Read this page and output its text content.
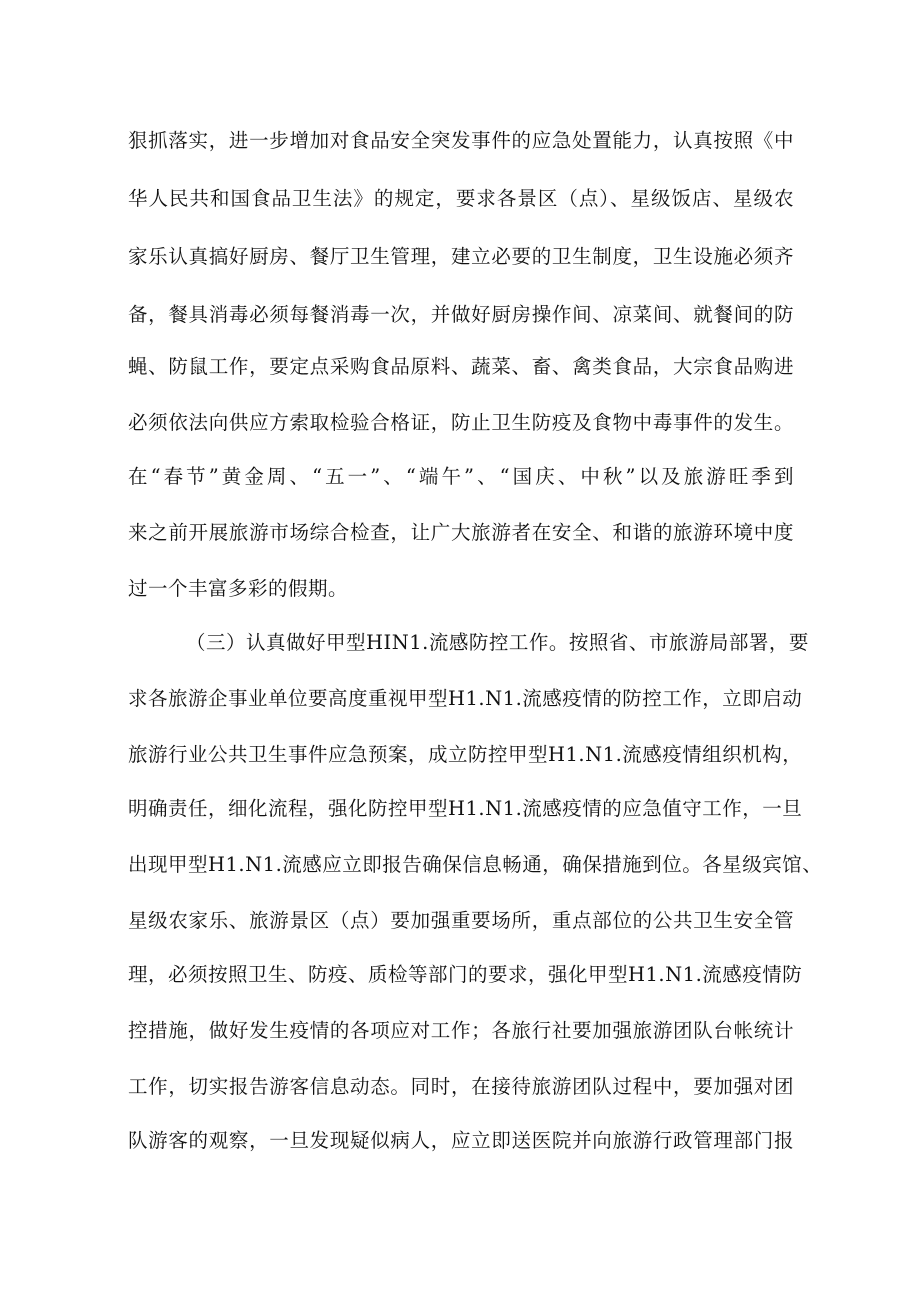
狠抓落实，进一步增加对食品安全突发事件的应急处置能力，认真按照《中
华人民共和国食品卫生法》的规定，要求各景区（点）、星级饭店、星级农
家乐认真搞好厨房、餐厅卫生管理，建立必要的卫生制度，卫生设施必须齐
备，餐具消毒必须每餐消毒一次，并做好厨房操作间、凉菜间、就餐间的防
蝇、防鼠工作，要定点采购食品原料、蔬菜、畜、禽类食品，大宗食品购进
必须依法向供应方索取检验合格证，防止卫生防疫及食物中毒事件的发生。
在“春节”黄金周、“五一”、“端午”、“国庆、中秋”以及旅游旺季到
来之前开展旅游市场综合检查，让广大旅游者在安全、和谐的旅游环境中度
过一个丰富多彩的假期。
（三）认真做好甲型HIN1.流感防控工作。按照省、市旅游局部署，要
求各旅游企事业单位要高度重视甲型H1.N1.流感疫情的防控工作，立即启动
旅游行业公共卫生事件应急预案，成立防控甲型H1.N1.流感疫情组织机构，
明确责任，细化流程，强化防控甲型H1.N1.流感疫情的应急值守工作，一旦
出现甲型H1.N1.流感应立即报告确保信息畅通，确保措施到位。各星级宾馆、
星级农家乐、旅游景区（点）要加强重要场所，重点部位的公共卫生安全管
理，必须按照卫生、防疫、质检等部门的要求，强化甲型H1.N1.流感疫情防
控措施，做好发生疫情的各项应对工作；各旅行社要加强旅游团队台帐统计
工作，切实报告游客信息动态。同时，在接待旅游团队过程中，要加强对团
队游客的观察，一旦发现疑似病人，应立即送医院并向旅游行政管理部门报
